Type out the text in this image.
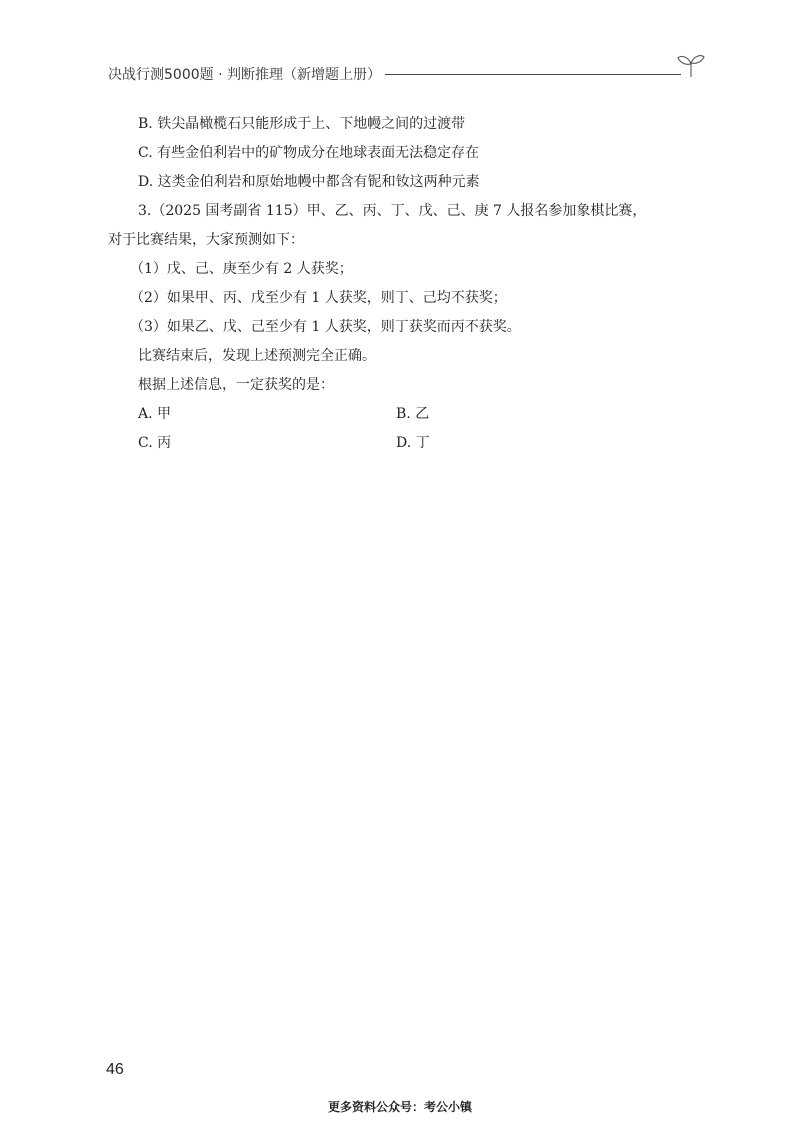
决战行测5000题 · 判断推理（新增题上册）
B. 铁尖晶橄榄石只能形成于上、下地幔之间的过渡带
C. 有些金伯利岩中的矿物成分在地球表面无法稳定存在
D. 这类金伯利岩和原始地幔中都含有铌和钕这两种元素
3.（2025 国考副省 115）甲、乙、丙、丁、戊、己、庚 7 人报名参加象棋比赛，
对于比赛结果，大家预测如下：
（1）戊、己、庚至少有 2 人获奖；
（2）如果甲、丙、戊至少有 1 人获奖，则丁、己均不获奖；
（3）如果乙、戊、己至少有 1 人获奖，则丁获奖而丙不获奖。
比赛结束后，发现上述预测完全正确。
根据上述信息，一定获奖的是：
A. 甲	B. 乙
C. 丙	D. 丁
46
更多资料公众号：考公小镇
